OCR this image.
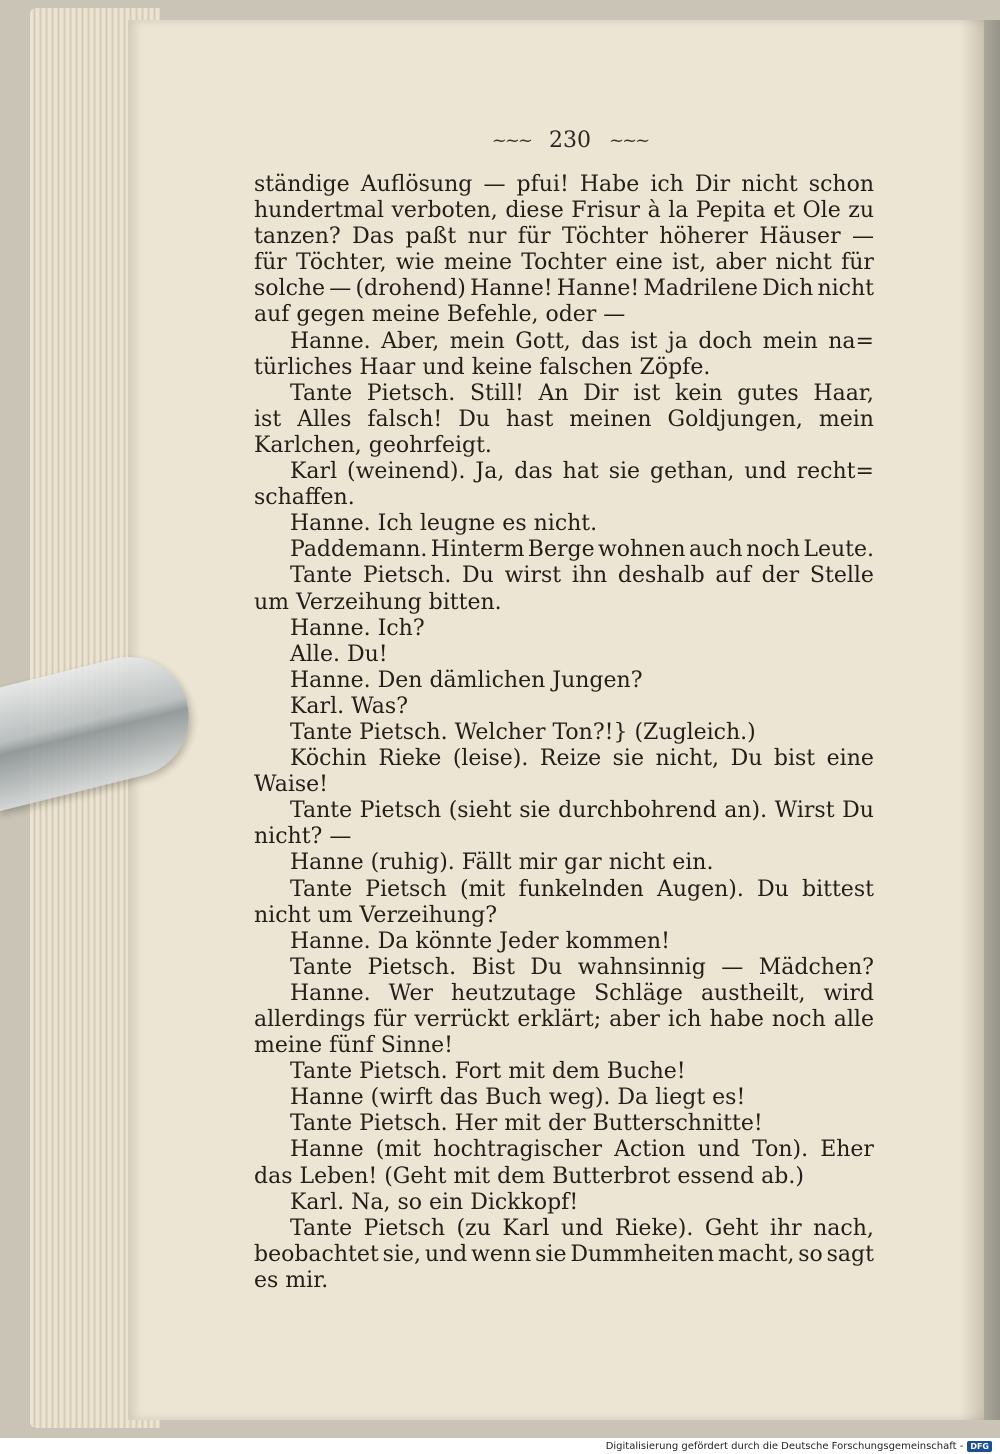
~~~ 230 ~~~
ständige Auflösung — pfui! Habe ich Dir nicht schon
hundertmal verboten, diese Frisur à la Pepita et Ole zu
tanzen? Das paßt nur für Töchter höherer Häuser —
für Töchter, wie meine Tochter eine ist, aber nicht für
solche — (drohend) Hanne! Hanne! Madrilene Dich nicht
auf gegen meine Befehle, oder —
Hanne. Aber, mein Gott, das ist ja doch mein na=
türliches Haar und keine falschen Zöpfe.
Tante Pietsch. Still! An Dir ist kein gutes Haar,
ist Alles falsch! Du hast meinen Goldjungen, mein
Karlchen, geohrfeigt.
Karl (weinend). Ja, das hat sie gethan, und recht=
schaffen.
Hanne. Ich leugne es nicht.
Paddemann. Hinterm Berge wohnen auch noch Leute.
Tante Pietsch. Du wirst ihn deshalb auf der Stelle
um Verzeihung bitten.
Hanne. Ich?
Alle. Du!
Hanne. Den dämlichen Jungen?
Karl. Was?
Tante Pietsch. Welcher Ton?!} (Zugleich.)
Köchin Rieke (leise). Reize sie nicht, Du bist eine
Waise!
Tante Pietsch (sieht sie durchbohrend an). Wirst Du
nicht? —
Hanne (ruhig). Fällt mir gar nicht ein.
Tante Pietsch (mit funkelnden Augen). Du bittest
nicht um Verzeihung?
Hanne. Da könnte Jeder kommen!
Tante Pietsch. Bist Du wahnsinnig — Mädchen?
Hanne. Wer heutzutage Schläge austheilt, wird
allerdings für verrückt erklärt; aber ich habe noch alle
meine fünf Sinne!
Tante Pietsch. Fort mit dem Buche!
Hanne (wirft das Buch weg). Da liegt es!
Tante Pietsch. Her mit der Butterschnitte!
Hanne (mit hochtragischer Action und Ton). Eher
das Leben! (Geht mit dem Butterbrot essend ab.)
Karl. Na, so ein Dickkopf!
Tante Pietsch (zu Karl und Rieke). Geht ihr nach,
beobachtet sie, und wenn sie Dummheiten macht, so sagt
es mir.
Digitalisierung gefördert durch die Deutsche Forschungsgemeinschaft - DFG
